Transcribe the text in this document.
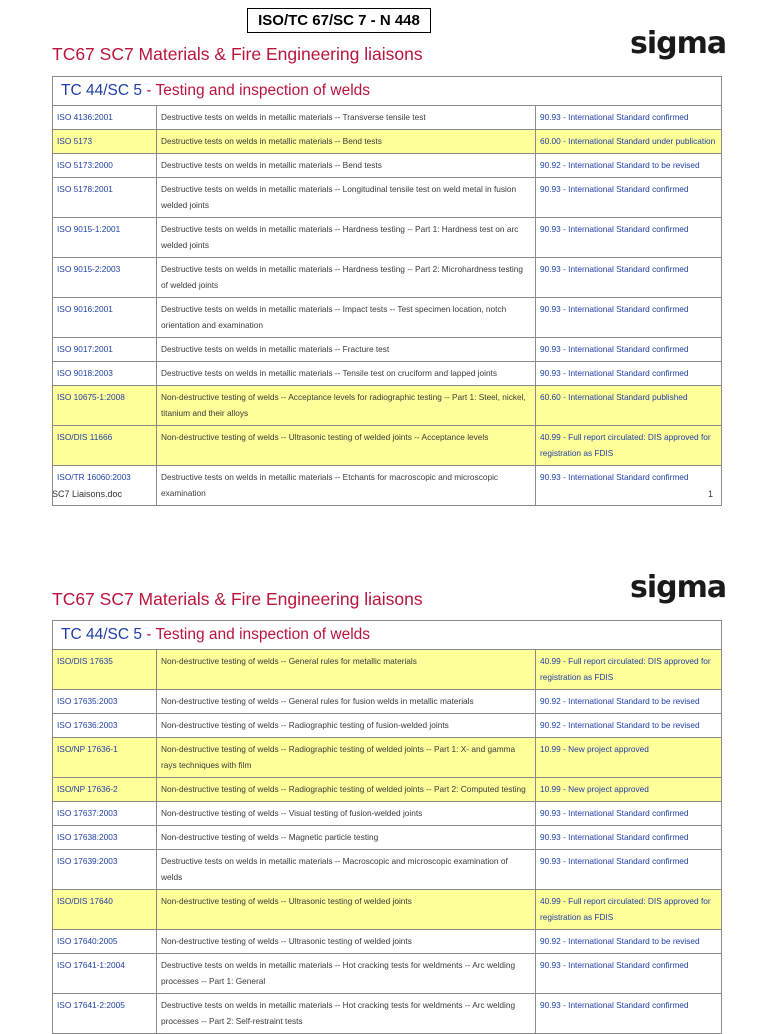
ISO/TC 67/SC 7 - N 448
TC67 SC7 Materials & Fire Engineering liaisons	sigma
TC 44/SC 5 - Testing and inspection of welds		
ISO 4136:2001	Destructive tests on welds in metallic materials -- Transverse tensile test	90.93 - International Standard confirmed
ISO 5173	Destructive tests on welds in metallic materials -- Bend tests	60.00 - International Standard under publication
ISO 5173:2000	Destructive tests on welds in metallic materials -- Bend tests	90.92 - International Standard to be revised
ISO 5178:2001	Destructive tests on welds in metallic materials -- Longitudinal tensile test on weld metal in fusion welded joints	90.93 - International Standard confirmed
ISO 9015-1:2001	Destructive tests on welds in metallic materials -- Hardness testing -- Part 1: Hardness test on arc welded joints	90.93 - International Standard confirmed
ISO 9015-2:2003	Destructive tests on welds in metallic materials -- Hardness testing -- Part 2: Microhardness testing of welded joints	90.93 - International Standard confirmed
ISO 9016:2001	Destructive tests on welds in metallic materials -- Impact tests -- Test specimen location, notch orientation and examination	90.93 - International Standard confirmed
ISO 9017:2001	Destructive tests on welds in metallic materials -- Fracture test	90.93 - International Standard confirmed
ISO 9018:2003	Destructive tests on welds in metallic materials -- Tensile test on cruciform and lapped joints	90.93 - International Standard confirmed
ISO 10675-1:2008	Non-destructive testing of welds -- Acceptance levels for radiographic testing -- Part 1: Steel, nickel, titanium and their alloys	60.60 - International Standard published
ISO/DIS 11666	Non-destructive testing of welds -- Ultrasonic testing of welded joints -- Acceptance levels	40.99 - Full report circulated: DIS approved for registration as FDIS
ISO/TR 16060:2003	Destructive tests on welds in metallic materials -- Etchants for macroscopic and microscopic examination	90.93 - International Standard confirmed
SC7 Liaisons.doc	1
TC67 SC7 Materials & Fire Engineering liaisons	sigma
TC 44/SC 5 - Testing and inspection of welds		
ISO/DIS 17635	Non-destructive testing of welds -- General rules for metallic materials	40.99 - Full report circulated: DIS approved for registration as FDIS
ISO 17635:2003	Non-destructive testing of welds -- General rules for fusion welds in metallic materials	90.92 - International Standard to be revised
ISO 17636:2003	Non-destructive testing of welds -- Radiographic testing of fusion-welded joints	90.92 - International Standard to be revised
ISO/NP 17636-1	Non-destructive testing of welds -- Radiographic testing of welded joints -- Part 1: X- and gamma rays techniques with film	10.99 - New project approved
ISO/NP 17636-2	Non-destructive testing of welds -- Radiographic testing of welded joints -- Part 2: Computed testing	10.99 - New project approved
ISO 17637:2003	Non-destructive testing of welds -- Visual testing of fusion-welded joints	90.93 - International Standard confirmed
ISO 17638:2003	Non-destructive testing of welds -- Magnetic particle testing	90.93 - International Standard confirmed
ISO 17639:2003	Destructive tests on welds in metallic materials -- Macroscopic and microscopic examination of welds	90.93 - International Standard confirmed
ISO/DIS 17640	Non-destructive testing of welds -- Ultrasonic testing of welded joints	40.99 - Full report circulated: DIS approved for registration as FDIS
ISO 17640:2005	Non-destructive testing of welds -- Ultrasonic testing of welded joints	90.92 - International Standard to be revised
ISO 17641-1:2004	Destructive tests on welds in metallic materials -- Hot cracking tests for weldments -- Arc welding processes -- Part 1: General	90.93 - International Standard confirmed
ISO 17641-2:2005	Destructive tests on welds in metallic materials -- Hot cracking tests for weldments -- Arc welding processes -- Part 2: Self-restraint tests	90.93 - International Standard confirmed
